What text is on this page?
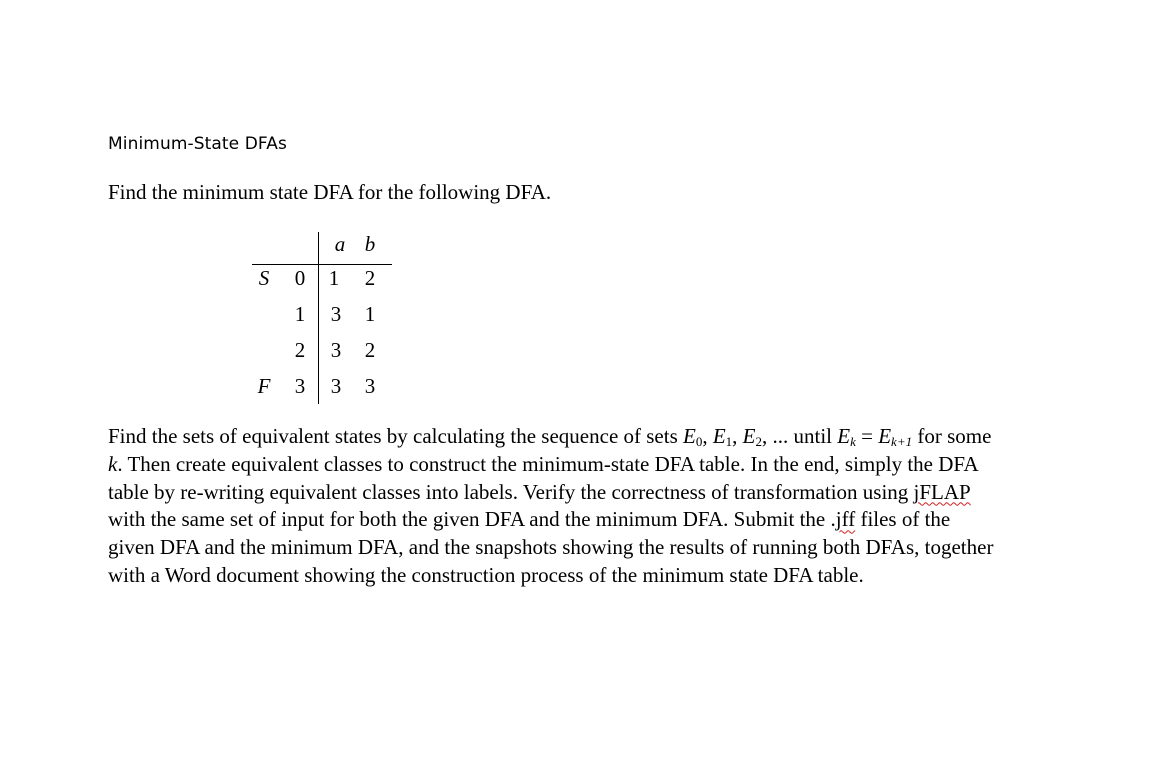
Minimum-State DFAs
Find the minimum state DFA for the following DFA.
a b
S 0 1 2
1 3 1
2 3 2
F 3 3 3
Find the sets of equivalent states by calculating the sequence of sets $E_0$, $E_1$, $E_2$, ... until $E_k = E_{k+1}$ for some
k. Then create equivalent classes to construct the minimum-state DFA table. In the end, simply the DFA
table by re-writing equivalent classes into labels. Verify the correctness of transformation using jFLAP
with the same set of input for both the given DFA and the minimum DFA. Submit the .jff files of the
given DFA and the minimum DFA, and the snapshots showing the results of running both DFAs, together
with a Word document showing the construction process of the minimum state DFA table.
